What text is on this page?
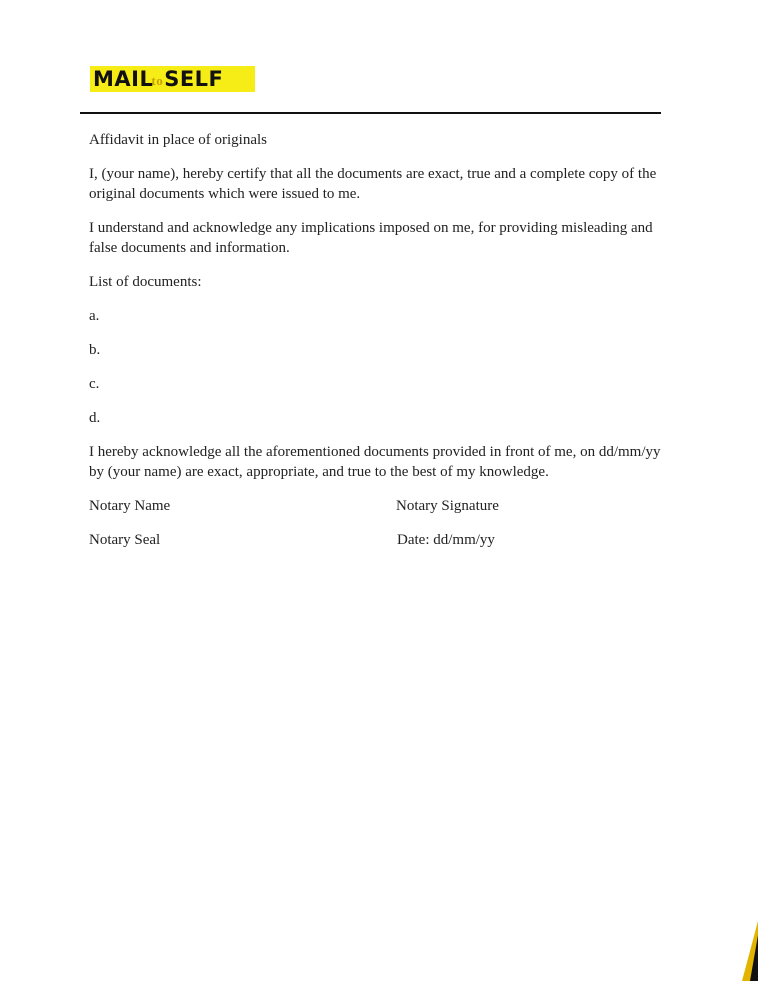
MAIL
to SELF

Affidavit in place of originals

I, (your name), hereby certify that all the documents are exact, true and a complete copy of the original documents which were issued to me.

I understand and acknowledge any implications imposed on me, for providing misleading and false documents and information.

List of documents:

a.

b.

c.

d.

I hereby acknowledge all the aforementioned documents provided in front of me, on dd/mm/yy by (your name) are exact, appropriate, and true to the best of my knowledge.

Notary Name	Notary Signature
Notary Seal	Date: dd/mm/yy
